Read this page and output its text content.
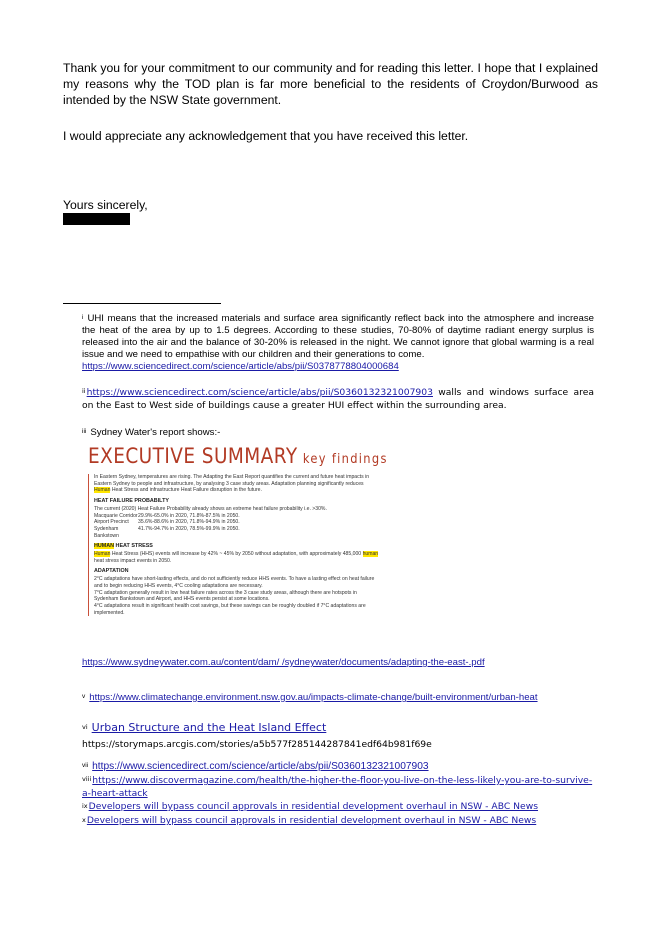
Thank you for your commitment to our community and for reading this letter. I hope that I explained my reasons why the TOD plan is far more beneficial to the residents of Croydon/Burwood as intended by the NSW State government.

I would appreciate any acknowledgement that you have received this letter.

Yours sincerely,

$^i$ UHI means that the increased materials and surface area significantly reflect back into the atmosphere and increase the heat of the area by up to 1.5 degrees. According to these studies, 70-80% of daytime radiant energy surplus is released into the air and the balance of 30-20% is released in the night. We cannot ignore that global warming is a real issue and we need to empathise with our children and their generations to come.
https://www.sciencedirect.com/science/article/abs/pii/S0378778804000684

$^{ii}$https://www.sciencedirect.com/science/article/abs/pii/S0360132321007903 walls and windows surface area on the East to West side of buildings cause a greater HUI effect within the surrounding area.

$^{iii}$ Sydney Water's report shows:-

EXECUTIVE SUMMARY key findings

In Eastern Sydney, temperatures are rising. The Adapting the East Report quantifies the current and future heat impacts in Eastern Sydney to people and infrastructure, by analysing 3 case study areas. Adaptation planning significantly reduces Human Heat Stress and infrastructure Heat Failure disruption in the future.

HEAT FAILURE PROBABILTY

The current (2020) Heat Failure Probability already shows an extreme heat failure probability i.e. >30%.

Macquarie Corridor 29.9%-65.0% in 2020, 71.8%-87.5% in 2050.
Airport Precinct	35.6%-88.6% in 2020, 71.8%-94.9% in 2050.
Sydenham Bankstown
41.7%-94.7% in 2020, 78.5%-99.9% in 2050.
HUMAN HEAT STRESS

Human Heat Stress (HHS) events will increase by 42% ~ 45% by 2050 without adaptation, with approximately 485,000 human heat stress impact events in 2050.

ADAPTATION

2°C adaptations have short-lasting effects, and do not sufficiently reduce HHS events. To have a lasting effect on heat failure and to begin reducing HHS events, 4°C cooling adaptations are necessary.

7°C adaptation generally result in low heat failure rates across the 3 case study areas, although there are hotspots in Sydenham Bankstown and Airport, and HHS events persist at some locations.

4°C adaptations result in significant health cost savings, but these savings can be roughly doubled if 7°C adaptations are implemented.

https://www.sydneywater.com.au/content/dam/ /sydneywater/documents/adapting-the-east-.pdf

$^v$ https://www.climatechange.environment.nsw.gov.au/impacts-climate-change/built-environment/urban-heat

$^{vi}$ Urban Structure and the Heat Island Effect
https://storymaps.arcgis.com/stories/a5b577f285144287841edf64b981f69e

$^{vii}$ https://www.sciencedirect.com/science/article/abs/pii/S0360132321007903

$^{viii}$https://www.discovermagazine.com/health/the-higher-the-floor-you-live-on-the-less-likely-you-are-to-survive-a-heart-attack

$^{ix}$Developers will bypass council approvals in residential development overhaul in NSW - ABC News

$^x$Developers will bypass council approvals in residential development overhaul in NSW - ABC News
